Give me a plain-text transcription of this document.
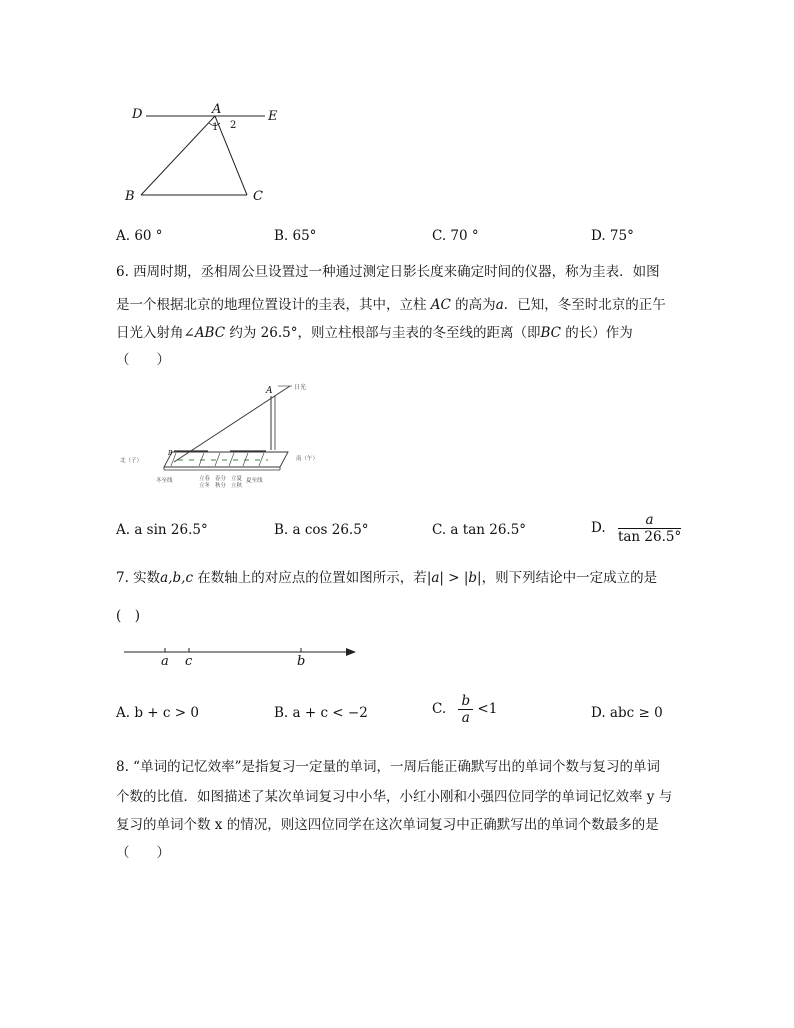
D	A	E
B	C
1 2
A. 60 °	B. 65°	C. 70 °	D. 75°
6. 西周时期，丞相周公旦设置过一种通过测定日影长度来确定时间的仪器，称为圭表．如图
是一个根据北京的地理位置设计的圭表，其中，立柱 AC 的高为a．已知，冬至时北京的正午
日光入射角∠ABC 约为 26.5°，则立柱根部与圭表的冬至线的距离（即BC 的长）作为
（　　）
A	日光
北（子）	南（午）
B
冬至线	立春
立冬
春分
秋分
立夏
立秋
夏至线
A. a sin 26.5°	B. a cos 26.5°	C. a tan 26.5°	D. $\frac{a}{\tan 26.5^\circ}$
7. 实数a,b,c 在数轴上的对应点的位置如图所示，若|a| > |b|，则下列结论中一定成立的是
(　)
a c	b
A. b + c > 0	B. a + c < −2	C. $\frac{b}{a} <1$	D. abc ≥ 0
8. “单词的记忆效率”是指复习一定量的单词，一周后能正确默写出的单词个数与复习的单词
个数的比值．如图描述了某次单词复习中小华，小红小刚和小强四位同学的单词记忆效率 y 与
复习的单词个数 x 的情况，则这四位同学在这次单词复习中正确默写出的单词个数最多的是
（　　）
